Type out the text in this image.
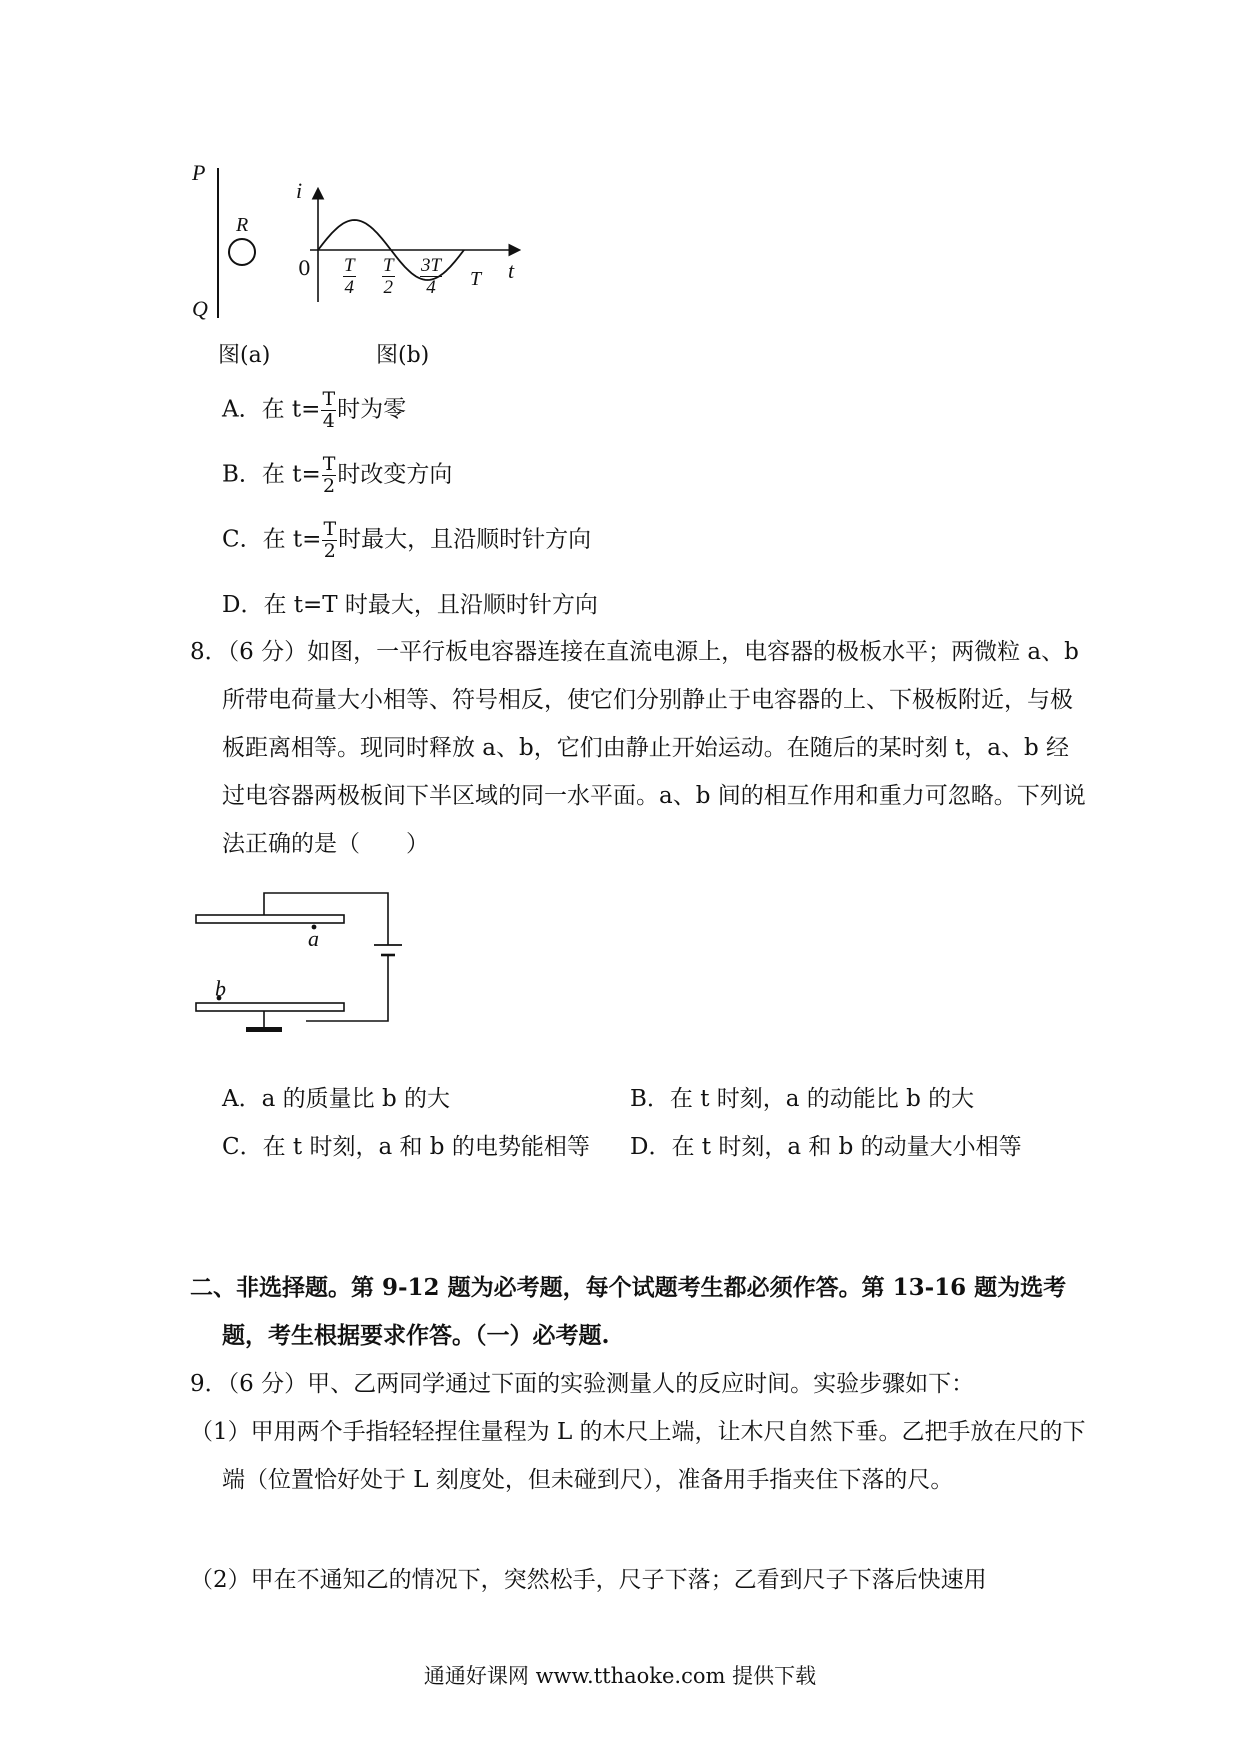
P
R
Q
图(a)
i
t
$0 \frac{T}{4} \frac{T}{2} \frac{3T}{4}$ T
图(b)
A．在 $t= \frac{T}{4}$ 时为零
B．在 $t= \frac{T}{2}$ 时改变方向
C．在 $t= \frac{T}{2}$ 时最大，且沿顺时针方向
D．在 t=T 时最大，且沿顺时针方向
8．（6 分）如图，一平行板电容器连接在直流电源上，电容器的极板水平；两微粒 a、b 所带电荷量大小相等、符号相反，使它们分别静止于电容器的上、下极板附近，与极板距离相等。现同时释放 a、b，它们由静止开始运动。在随后的某时刻 t，a、b 经过电容器两极板间下半区域的同一水平面。a、b 间的相互作用和重力可忽略。下列说法正确的是（　　）
a
b
A．a 的质量比 b 的大	B．在 t 时刻，a 的动能比 b 的大
C．在 t 时刻，a 和 b 的电势能相等 D．在 t 时刻，a 和 b 的动量大小相等
二、非选择题。第 9-12 题为必考题，每个试题考生都必须作答。第 13-16 题为选考题，考生根据要求作答。（一）必考题.
9．（6 分）甲、乙两同学通过下面的实验测量人的反应时间。实验步骤如下：
（1）甲用两个手指轻轻捏住量程为 L 的木尺上端，让木尺自然下垂。乙把手放在尺的下端（位置恰好处于 L 刻度处，但未碰到尺），准备用手指夹住下落的尺。
（2）甲在不通知乙的情况下，突然松手，尺子下落；乙看到尺子下落后快速用
通通好课网 www.tthaoke.com 提供下载
